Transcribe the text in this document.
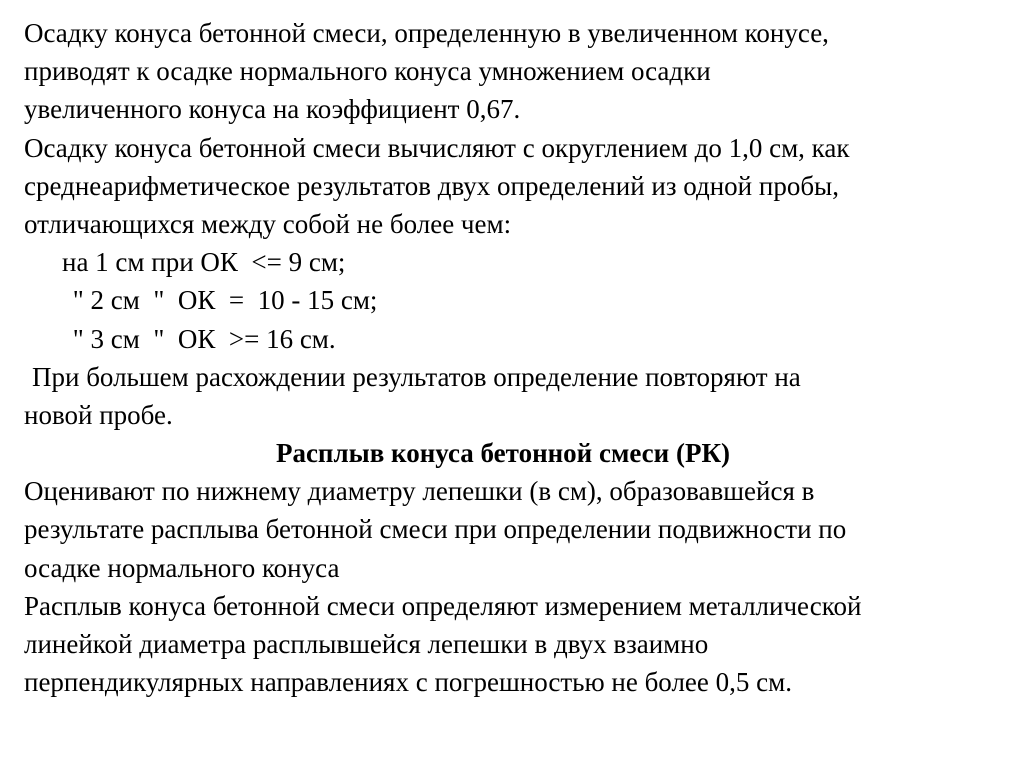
Осадку конуса бетонной смеси, определенную в увеличенном конусе,

приводят к осадке нормального конуса умножением осадки

увеличенного конуса на коэффициент 0,67.

Осадку конуса бетонной смеси вычисляют с округлением до 1,0 см, как

среднеарифметическое результатов двух определений из одной пробы,

отличающихся между собой не более чем:

на 1 см при ОК  <= 9 см;

" 2 см  "  ОК  =  10 - 15 см;

" 3 см  "  ОК  >= 16 см.

При большем расхождении результатов определение повторяют на

новой пробе.

Расплыв конуса бетонной смеси (РК)

Оценивают по нижнему диаметру лепешки (в см), образовавшейся в

результате расплыва бетонной смеси при определении подвижности по

осадке нормального конуса

Расплыв конуса бетонной смеси определяют измерением металлической

линейкой диаметра расплывшейся лепешки в двух взаимно

перпендикулярных направлениях с погрешностью не более 0,5 см.
